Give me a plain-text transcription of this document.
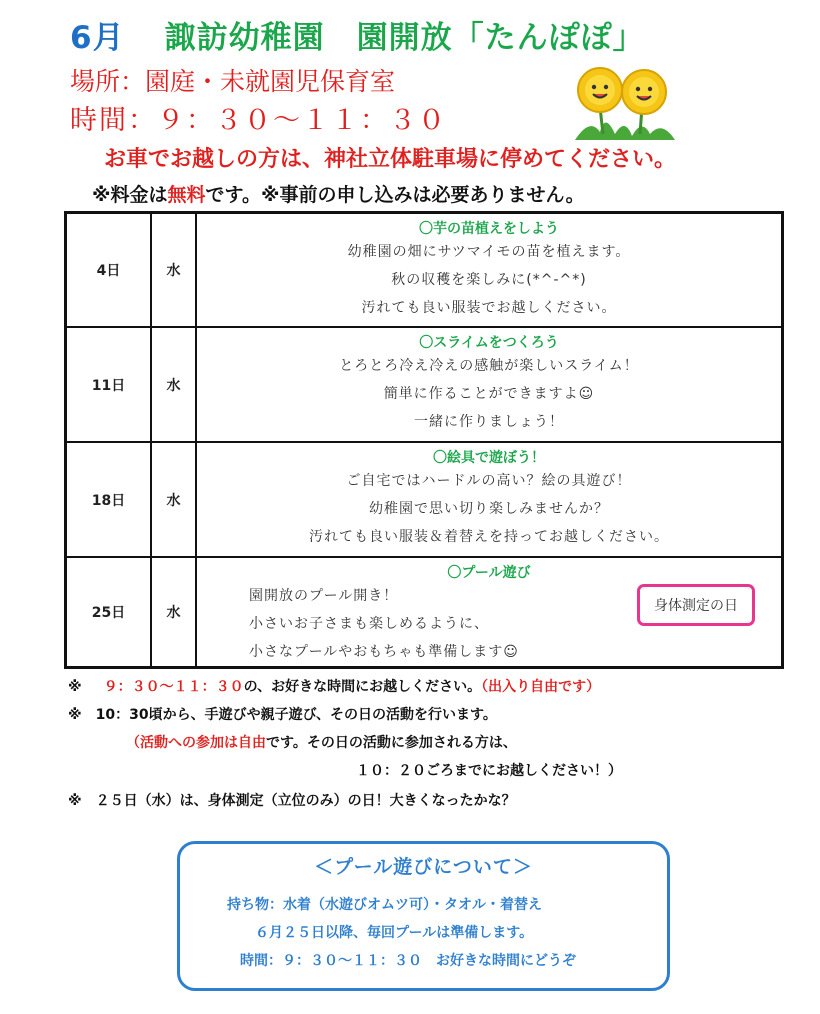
6月 諏訪幼稚園　園開放「たんぽぽ」
場所：園庭・未就園児保育室
時間：９：３０〜１１：３０
お車でお越しの方は、神社立体駐車場に停めてください。
※料金は無料です。※事前の申し込みは必要ありません。
4日	水
〇芋の苗植えをしよう
幼稚園の畑にサツマイモの苗を植えます。
秋の収穫を楽しみに(*^-^*)
汚れても良い服装でお越しください。
11日	水
〇スライムをつくろう
とろとろ冷え冷えの感触が楽しいスライム！
簡単に作ることができますよ☺
一緒に作りましょう！
18日	水
〇絵具で遊ぼう！
ご自宅ではハードルの高い？絵の具遊び！
幼稚園で思い切り楽しみませんか？
汚れても良い服装＆着替えを持ってお越しください。
25日	水
〇プール遊び
園開放のプール開き！
小さいお子さまも楽しめるように、
小さなプールやおもちゃも準備します☺
身体測定の日
※ ９：３０〜１１：３０の、お好きな時間にお越しください。（出入り自由です）
※　10：30頃から、手遊びや親子遊び、その日の活動を行います。
（活動への参加は自由です。その日の活動に参加される方は、
１０：２０ごろまでにお越しください！）
※　２５日（水）は、身体測定（立位のみ）の日！大きくなったかな？
＜プール遊びについて＞
持ち物：水着（水遊びオムツ可）・タオル・着替え
６月２５日以降、毎回プールは準備します。
時間：９：３０〜１１：３０　お好きな時間にどうぞ
